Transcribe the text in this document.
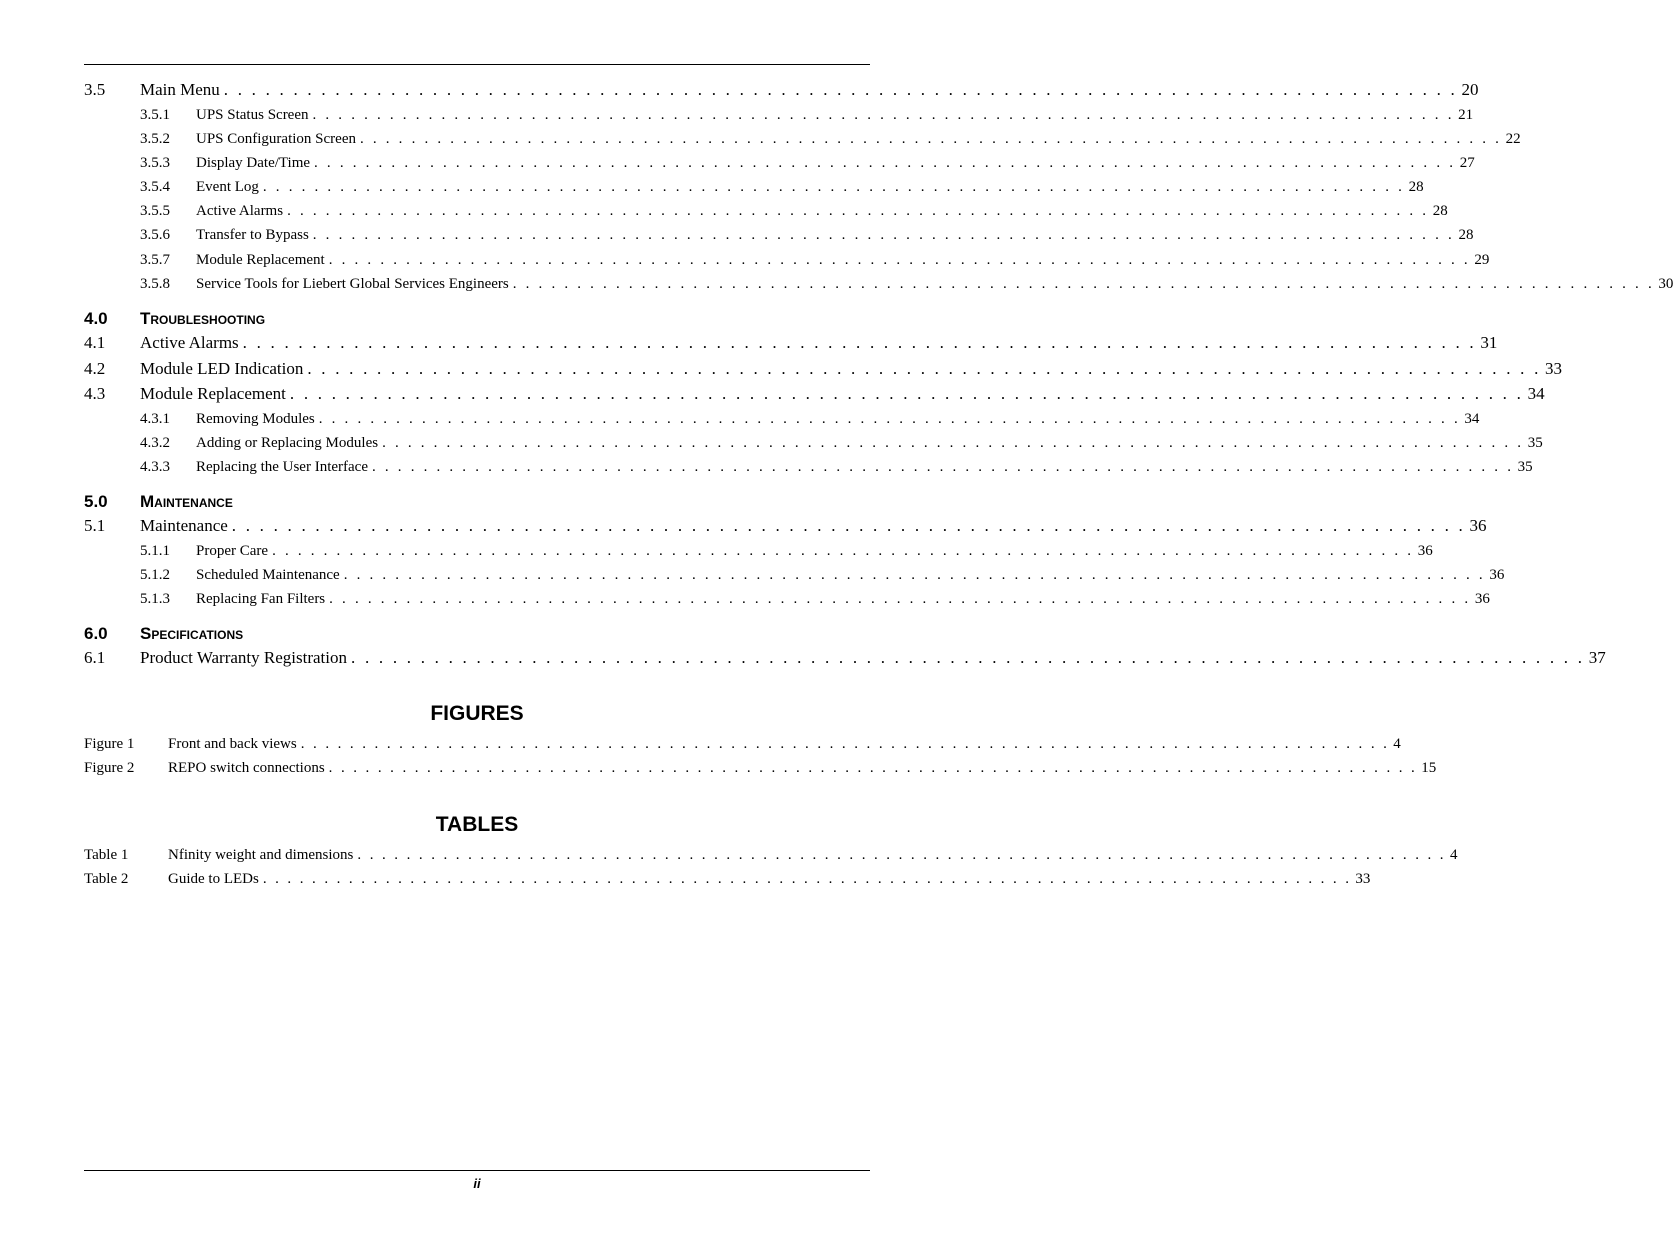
3.5	Main Menu . . . . . . . . . . . . . . . . . . . . . . . . . . . . . . . . . . . . . . . . . . . . . . . . . . . . . . . . . . . . . . . . . . . . . . . . . . . . . . . . . . . . . . . . . 20
3.5.1	UPS Status Screen . . . . . . . . . . . . . . . . . . . . . . . . . . . . . . . . . . . . . . . . . . . . . . . . . . . . . . . . . . . . . . . . . . . . . . . . . . . . . . . . . . . . . . . . . 21
3.5.2	UPS Configuration Screen . . . . . . . . . . . . . . . . . . . . . . . . . . . . . . . . . . . . . . . . . . . . . . . . . . . . . . . . . . . . . . . . . . . . . . . . . . . . . . . . . . . . . . . . . 22
3.5.3	Display Date/Time . . . . . . . . . . . . . . . . . . . . . . . . . . . . . . . . . . . . . . . . . . . . . . . . . . . . . . . . . . . . . . . . . . . . . . . . . . . . . . . . . . . . . . . . . 27
3.5.4	Event Log . . . . . . . . . . . . . . . . . . . . . . . . . . . . . . . . . . . . . . . . . . . . . . . . . . . . . . . . . . . . . . . . . . . . . . . . . . . . . . . . . . . . . . . . . 28
3.5.5	Active Alarms . . . . . . . . . . . . . . . . . . . . . . . . . . . . . . . . . . . . . . . . . . . . . . . . . . . . . . . . . . . . . . . . . . . . . . . . . . . . . . . . . . . . . . . . . 28
3.5.6	Transfer to Bypass . . . . . . . . . . . . . . . . . . . . . . . . . . . . . . . . . . . . . . . . . . . . . . . . . . . . . . . . . . . . . . . . . . . . . . . . . . . . . . . . . . . . . . . . . 28
3.5.7	Module Replacement . . . . . . . . . . . . . . . . . . . . . . . . . . . . . . . . . . . . . . . . . . . . . . . . . . . . . . . . . . . . . . . . . . . . . . . . . . . . . . . . . . . . . . . . . 29
3.5.8	Service Tools for Liebert Global Services Engineers . . . . . . . . . . . . . . . . . . . . . . . . . . . . . . . . . . . . . . . . . . . . . . . . . . . . . . . . . . . . . . . . . . . . . . . . . . . . . . . . . . . . . . . . . 30
4.0	Troubleshooting
4.1	Active Alarms . . . . . . . . . . . . . . . . . . . . . . . . . . . . . . . . . . . . . . . . . . . . . . . . . . . . . . . . . . . . . . . . . . . . . . . . . . . . . . . . . . . . . . . . . 31
4.2	Module LED Indication . . . . . . . . . . . . . . . . . . . . . . . . . . . . . . . . . . . . . . . . . . . . . . . . . . . . . . . . . . . . . . . . . . . . . . . . . . . . . . . . . . . . . . . . . 33
4.3	Module Replacement . . . . . . . . . . . . . . . . . . . . . . . . . . . . . . . . . . . . . . . . . . . . . . . . . . . . . . . . . . . . . . . . . . . . . . . . . . . . . . . . . . . . . . . . . 34
4.3.1	Removing Modules . . . . . . . . . . . . . . . . . . . . . . . . . . . . . . . . . . . . . . . . . . . . . . . . . . . . . . . . . . . . . . . . . . . . . . . . . . . . . . . . . . . . . . . . . 34
4.3.2	Adding or Replacing Modules . . . . . . . . . . . . . . . . . . . . . . . . . . . . . . . . . . . . . . . . . . . . . . . . . . . . . . . . . . . . . . . . . . . . . . . . . . . . . . . . . . . . . . . . . 35
4.3.3	Replacing the User Interface . . . . . . . . . . . . . . . . . . . . . . . . . . . . . . . . . . . . . . . . . . . . . . . . . . . . . . . . . . . . . . . . . . . . . . . . . . . . . . . . . . . . . . . . . 35
5.0	Maintenance
5.1	Maintenance . . . . . . . . . . . . . . . . . . . . . . . . . . . . . . . . . . . . . . . . . . . . . . . . . . . . . . . . . . . . . . . . . . . . . . . . . . . . . . . . . . . . . . . . . 36
5.1.1	Proper Care . . . . . . . . . . . . . . . . . . . . . . . . . . . . . . . . . . . . . . . . . . . . . . . . . . . . . . . . . . . . . . . . . . . . . . . . . . . . . . . . . . . . . . . . . 36
5.1.2	Scheduled Maintenance . . . . . . . . . . . . . . . . . . . . . . . . . . . . . . . . . . . . . . . . . . . . . . . . . . . . . . . . . . . . . . . . . . . . . . . . . . . . . . . . . . . . . . . . . 36
5.1.3	Replacing Fan Filters . . . . . . . . . . . . . . . . . . . . . . . . . . . . . . . . . . . . . . . . . . . . . . . . . . . . . . . . . . . . . . . . . . . . . . . . . . . . . . . . . . . . . . . . . 36
6.0	Specifications
6.1	Product Warranty Registration . . . . . . . . . . . . . . . . . . . . . . . . . . . . . . . . . . . . . . . . . . . . . . . . . . . . . . . . . . . . . . . . . . . . . . . . . . . . . . . . . . . . . . . . . 37
FIGURES
Figure 1	Front and back views . . . . . . . . . . . . . . . . . . . . . . . . . . . . . . . . . . . . . . . . . . . . . . . . . . . . . . . . . . . . . . . . . . . . . . . . . . . . . . . . . . . . . . . . . 4
Figure 2	REPO switch connections . . . . . . . . . . . . . . . . . . . . . . . . . . . . . . . . . . . . . . . . . . . . . . . . . . . . . . . . . . . . . . . . . . . . . . . . . . . . . . . . . . . . . . . . . 15
TABLES
Table 1	Nfinity weight and dimensions . . . . . . . . . . . . . . . . . . . . . . . . . . . . . . . . . . . . . . . . . . . . . . . . . . . . . . . . . . . . . . . . . . . . . . . . . . . . . . . . . . . . . . . . . 4
Table 2	Guide to LEDs . . . . . . . . . . . . . . . . . . . . . . . . . . . . . . . . . . . . . . . . . . . . . . . . . . . . . . . . . . . . . . . . . . . . . . . . . . . . . . . . . . . . . . . . . 33
ii
